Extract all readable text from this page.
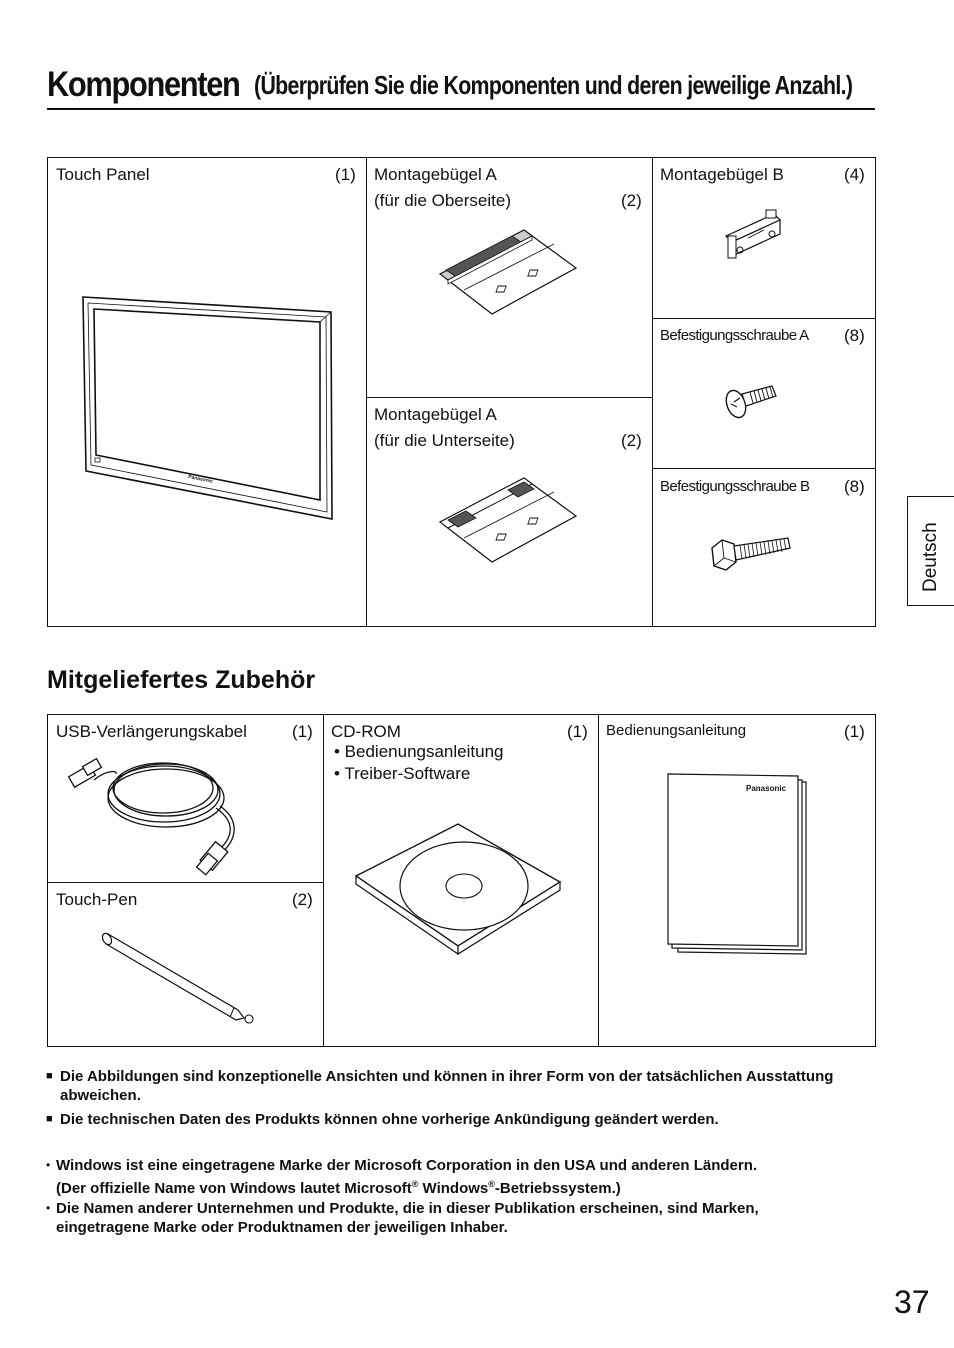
Komponenten (Überprüfen Sie die Komponenten und deren jeweilige Anzahl.)
Touch Panel	(1)
Panasonic
Montagebügel A
(für die Oberseite)	(2)
Montagebügel A
(für die Unterseite)	(2)
Montagebügel B	(4)
Befestigungsschraube A (8)
Befestigungsschraube B (8)
Mitgeliefertes Zubehör
USB-Verlängerungskabel	(1)
Touch-Pen	(2)
CD-ROM	(1)
• Bedienungsanleitung
• Treiber-Software
Bedienungsanleitung	(1)
Panasonic
■ Die Abbildungen sind konzeptionelle Ansichten und können in ihrer Form von der tatsächlichen Ausstattung abweichen.
■ Die technischen Daten des Produkts können ohne vorherige Ankündigung geändert werden.
• Windows ist eine eingetragene Marke der Microsoft Corporation in den USA und anderen Ländern.
(Der offizielle Name von Windows lautet Microsoft® Windows®-Betriebssystem.)
• Die Namen anderer Unternehmen und Produkte, die in dieser Publikation erscheinen, sind Marken, eingetragene Marke oder Produktnamen der jeweiligen Inhaber.
Deutsch
37
